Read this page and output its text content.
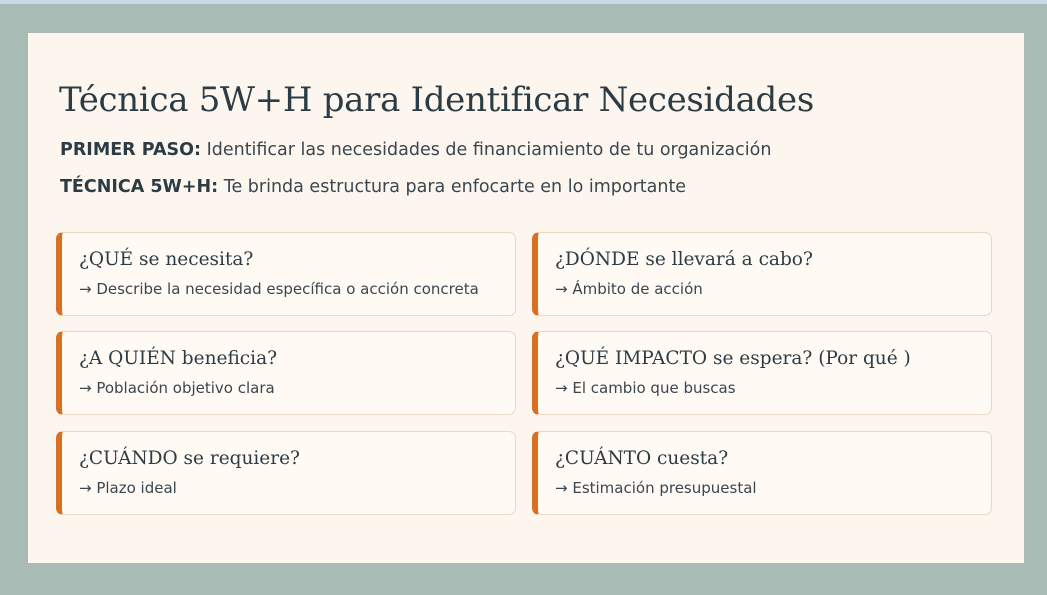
Técnica 5W+H para Identificar Necesidades

PRIMER PASO: Identificar las necesidades de financiamiento de tu organización

TÉCNICA 5W+H: Te brinda estructura para enfocarte en lo importante

¿QUÉ se necesita?

→ Describe la necesidad específica o acción concreta

¿DÓNDE se llevará a cabo?

→ Ámbito de acción

¿A QUIÉN beneficia?

→ Población objetivo clara

¿QUÉ IMPACTO se espera? (Por qué )

→ El cambio que buscas

¿CUÁNDO se requiere?

→ Plazo ideal

¿CUÁNTO cuesta?

→ Estimación presupuestal
